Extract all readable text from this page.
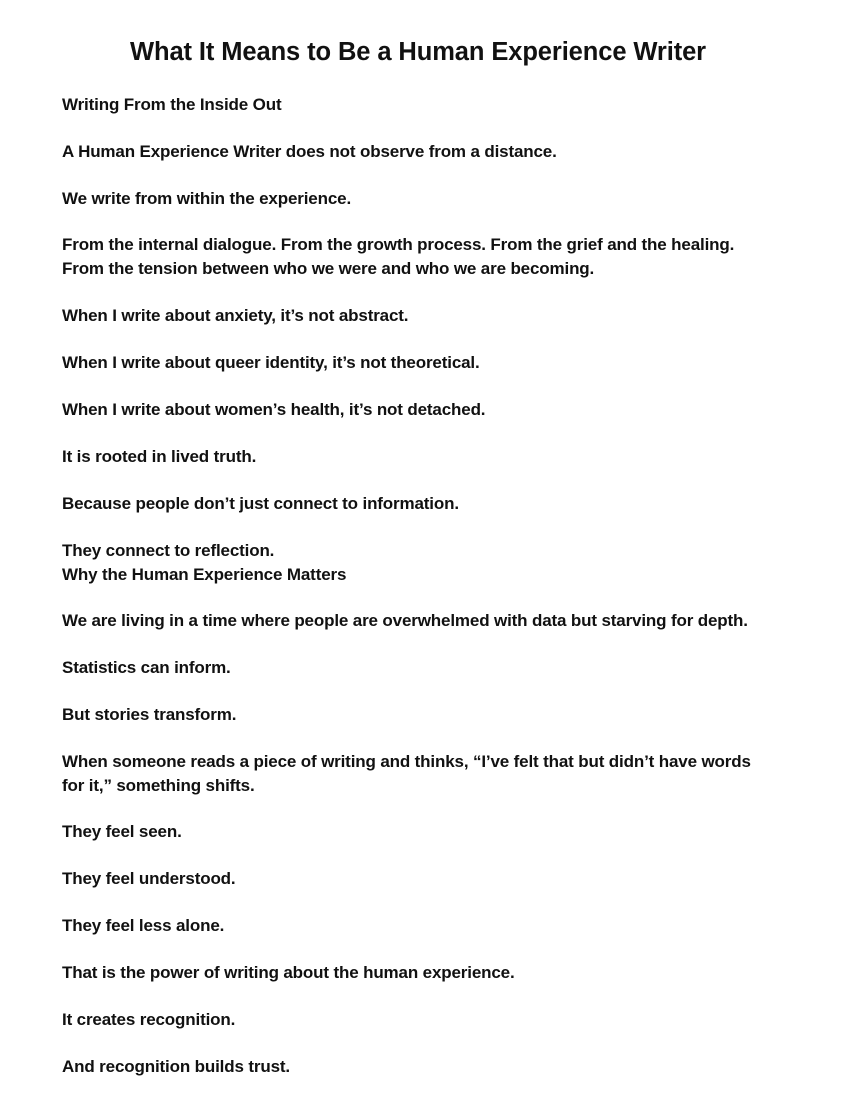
What It Means to Be a Human Experience Writer

Writing From the Inside Out

A Human Experience Writer does not observe from a distance.

We write from within the experience.

From the internal dialogue. From the growth process. From the grief and the healing.

From the tension between who we were and who we are becoming.

When I write about anxiety, it’s not abstract.

When I write about queer identity, it’s not theoretical.

When I write about women’s health, it’s not detached.

It is rooted in lived truth.

Because people don’t just connect to information.

They connect to reflection.

Why the Human Experience Matters

We are living in a time where people are overwhelmed with data but starving for depth.

Statistics can inform.

But stories transform.

When someone reads a piece of writing and thinks, “I’ve felt that but didn’t have words

for it,” something shifts.

They feel seen.

They feel understood.

They feel less alone.

That is the power of writing about the human experience.

It creates recognition.

And recognition builds trust.
